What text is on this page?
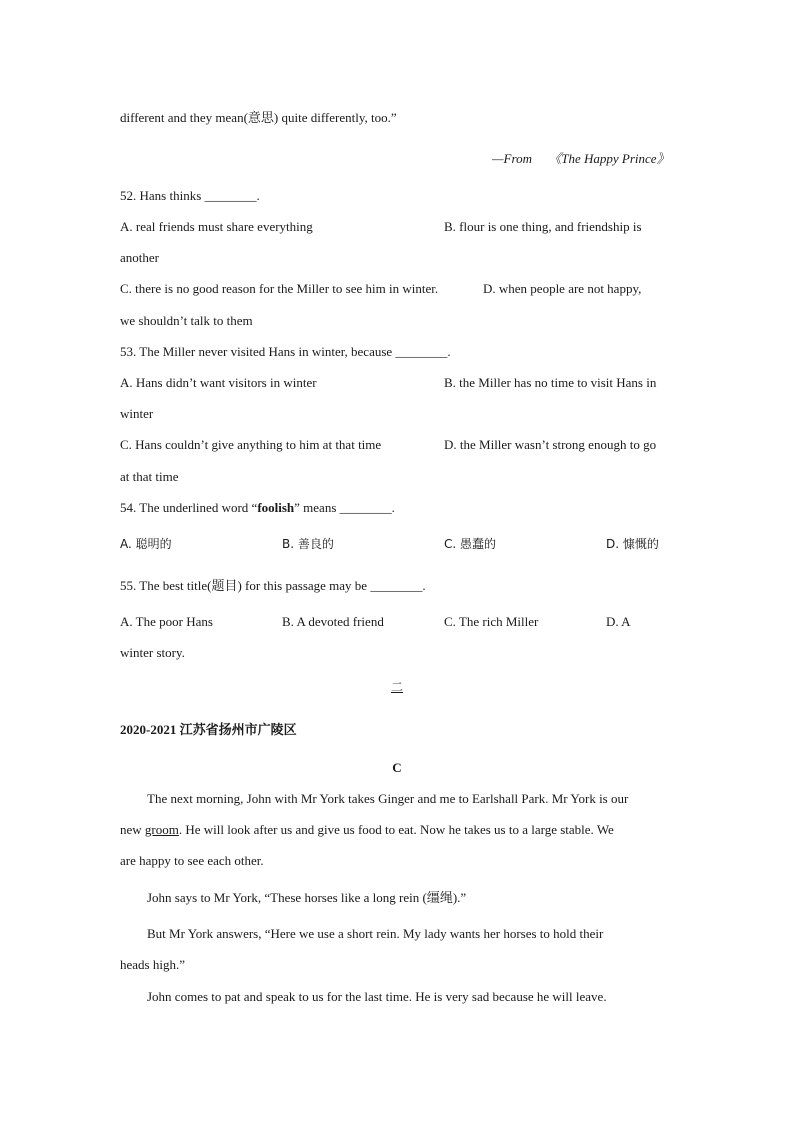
different and they mean(意思) quite differently, too.”
—From 《The Happy Prince》
52. Hans thinks ________.
A. real friends must share everything	B. flour is one thing, and friendship is
another
C. there is no good reason for the Miller to see him in winter.	D. when people are not happy,
we shouldn’t talk to them
53. The Miller never visited Hans in winter, because ________.
A. Hans didn’t want visitors in winter	B. the Miller has no time to visit Hans in
winter
C. Hans couldn’t give anything to him at that time	D. the Miller wasn’t strong enough to go
at that time
54. The underlined word “foolish” means ________.
A. 聪明的	B. 善良的	C. 愚蠢的	D. 慷慨的
55. The best title(题目) for this passage may be ________.
A. The poor Hans	B. A devoted friend	C. The rich Miller	D. A
winter story.
二
2020-2021 江苏省扬州市广陵区
C
The next morning, John with Mr York takes Ginger and me to Earlshall Park. Mr York is our
new groom. He will look after us and give us food to eat. Now he takes us to a large stable. We
are happy to see each other.
John says to Mr York, “These horses like a long rein (缰绳).”
But Mr York answers, “Here we use a short rein. My lady wants her horses to hold their
heads high.”
John comes to pat and speak to us for the last time. He is very sad because he will leave.
